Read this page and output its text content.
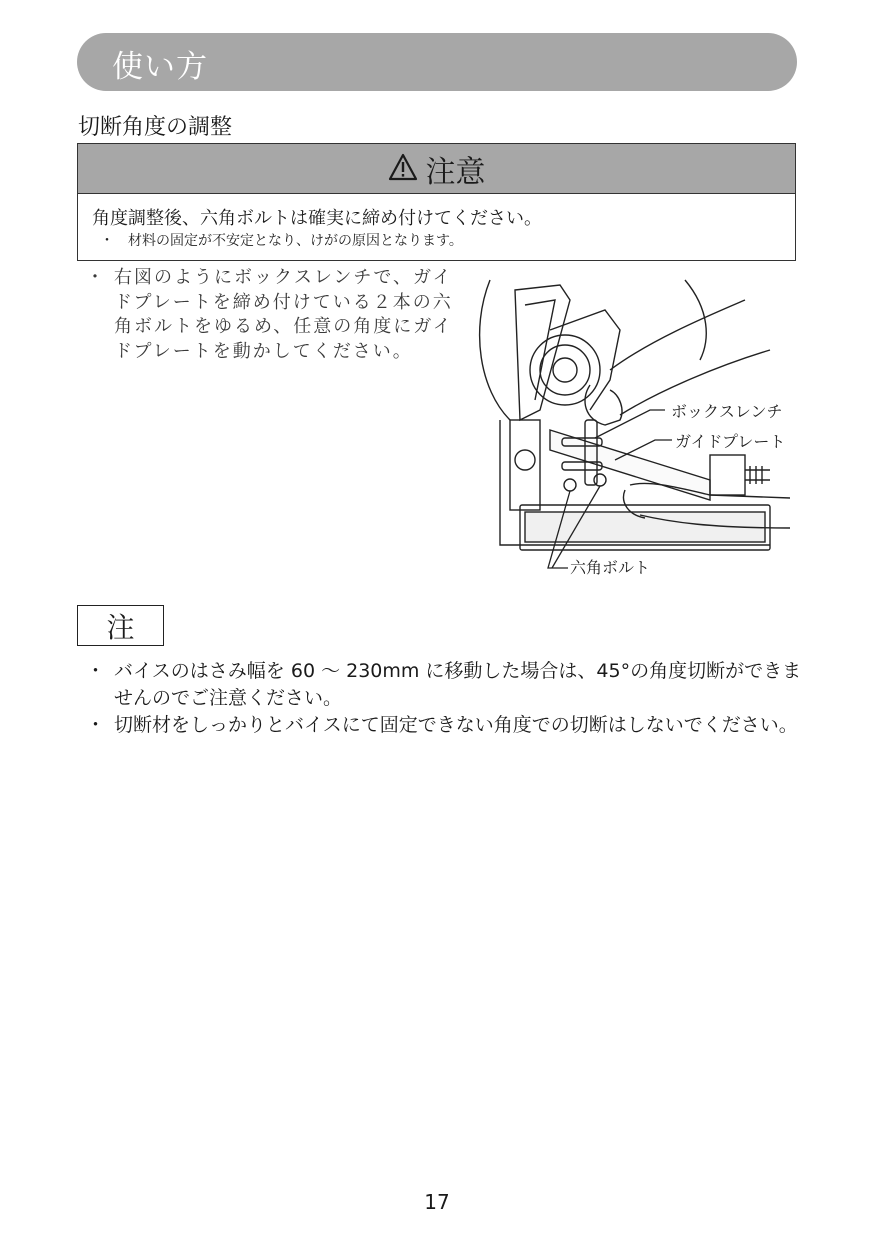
使い方
切断角度の調整
注意
角度調整後、六角ボルトは確実に締め付けてください。
・ 材料の固定が不安定となり、けがの原因となります。
・ 右図のようにボックスレンチで、ガイドプレートを締め付けている２本の六角ボルトをゆるめ、任意の角度にガイドプレートを動かしてください。
ボックスレンチ
ガイドプレート
六角ボルト
注
・ バイスのはさみ幅を 60 ～ 230mm に移動した場合は、45°の角度切断ができませんのでご注意ください。
・ 切断材をしっかりとバイスにて固定できない角度での切断はしないでください。
17
